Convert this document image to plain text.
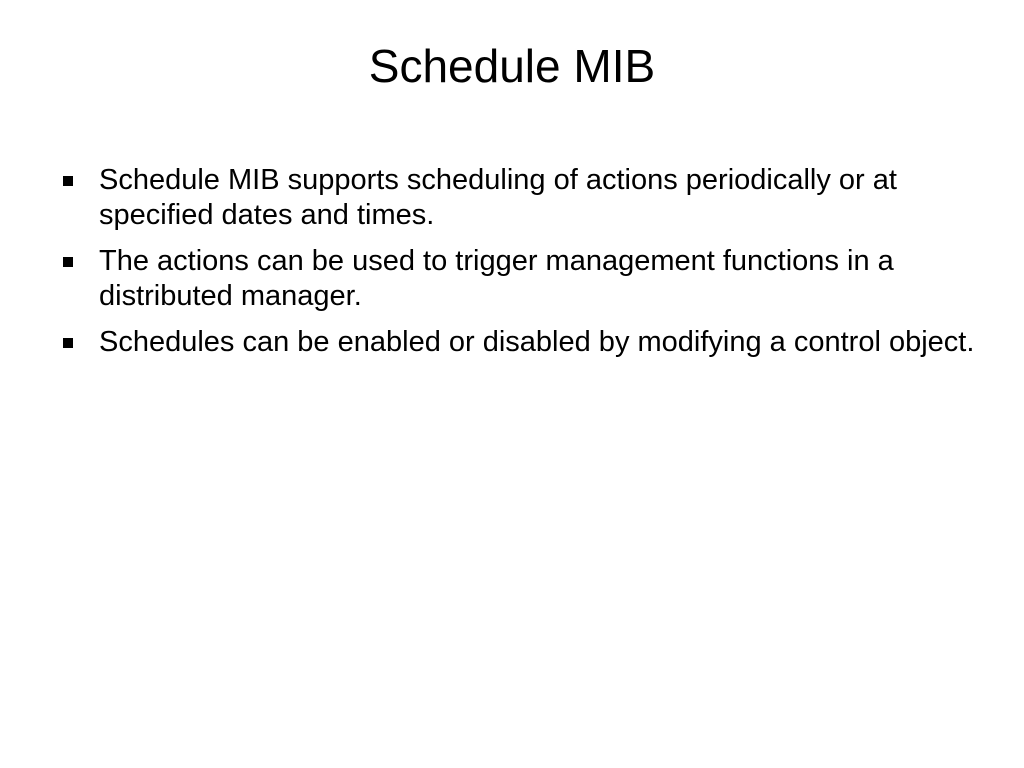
Schedule MIB
Schedule MIB supports scheduling of actions periodically or at specified dates and times.
The actions can be used to trigger management functions in a distributed manager.
Schedules can be enabled or disabled by modifying a control object.
